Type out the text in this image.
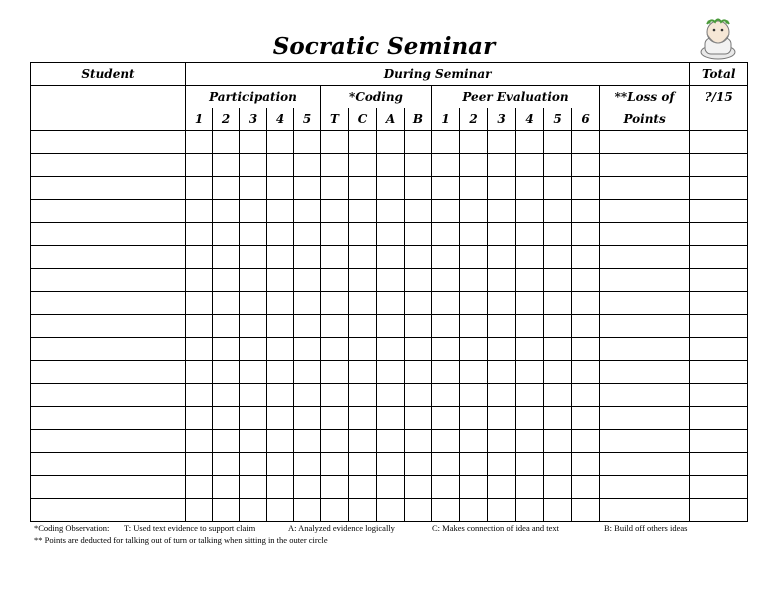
Socratic Seminar
Student	During Seminar																Total
	Participation					*Coding				Peer Evaluation						**Loss of	?/15
	1	2	3	4	5	T	C	A	B	1	2	3	4	5	6	Points	

*Coding Observation: T: Used text evidence to support claim	A: Analyzed evidence logically	C: Makes connection of idea and text	B: Build off others ideas
** Points are deducted for talking out of turn or talking when sitting in the outer circle
